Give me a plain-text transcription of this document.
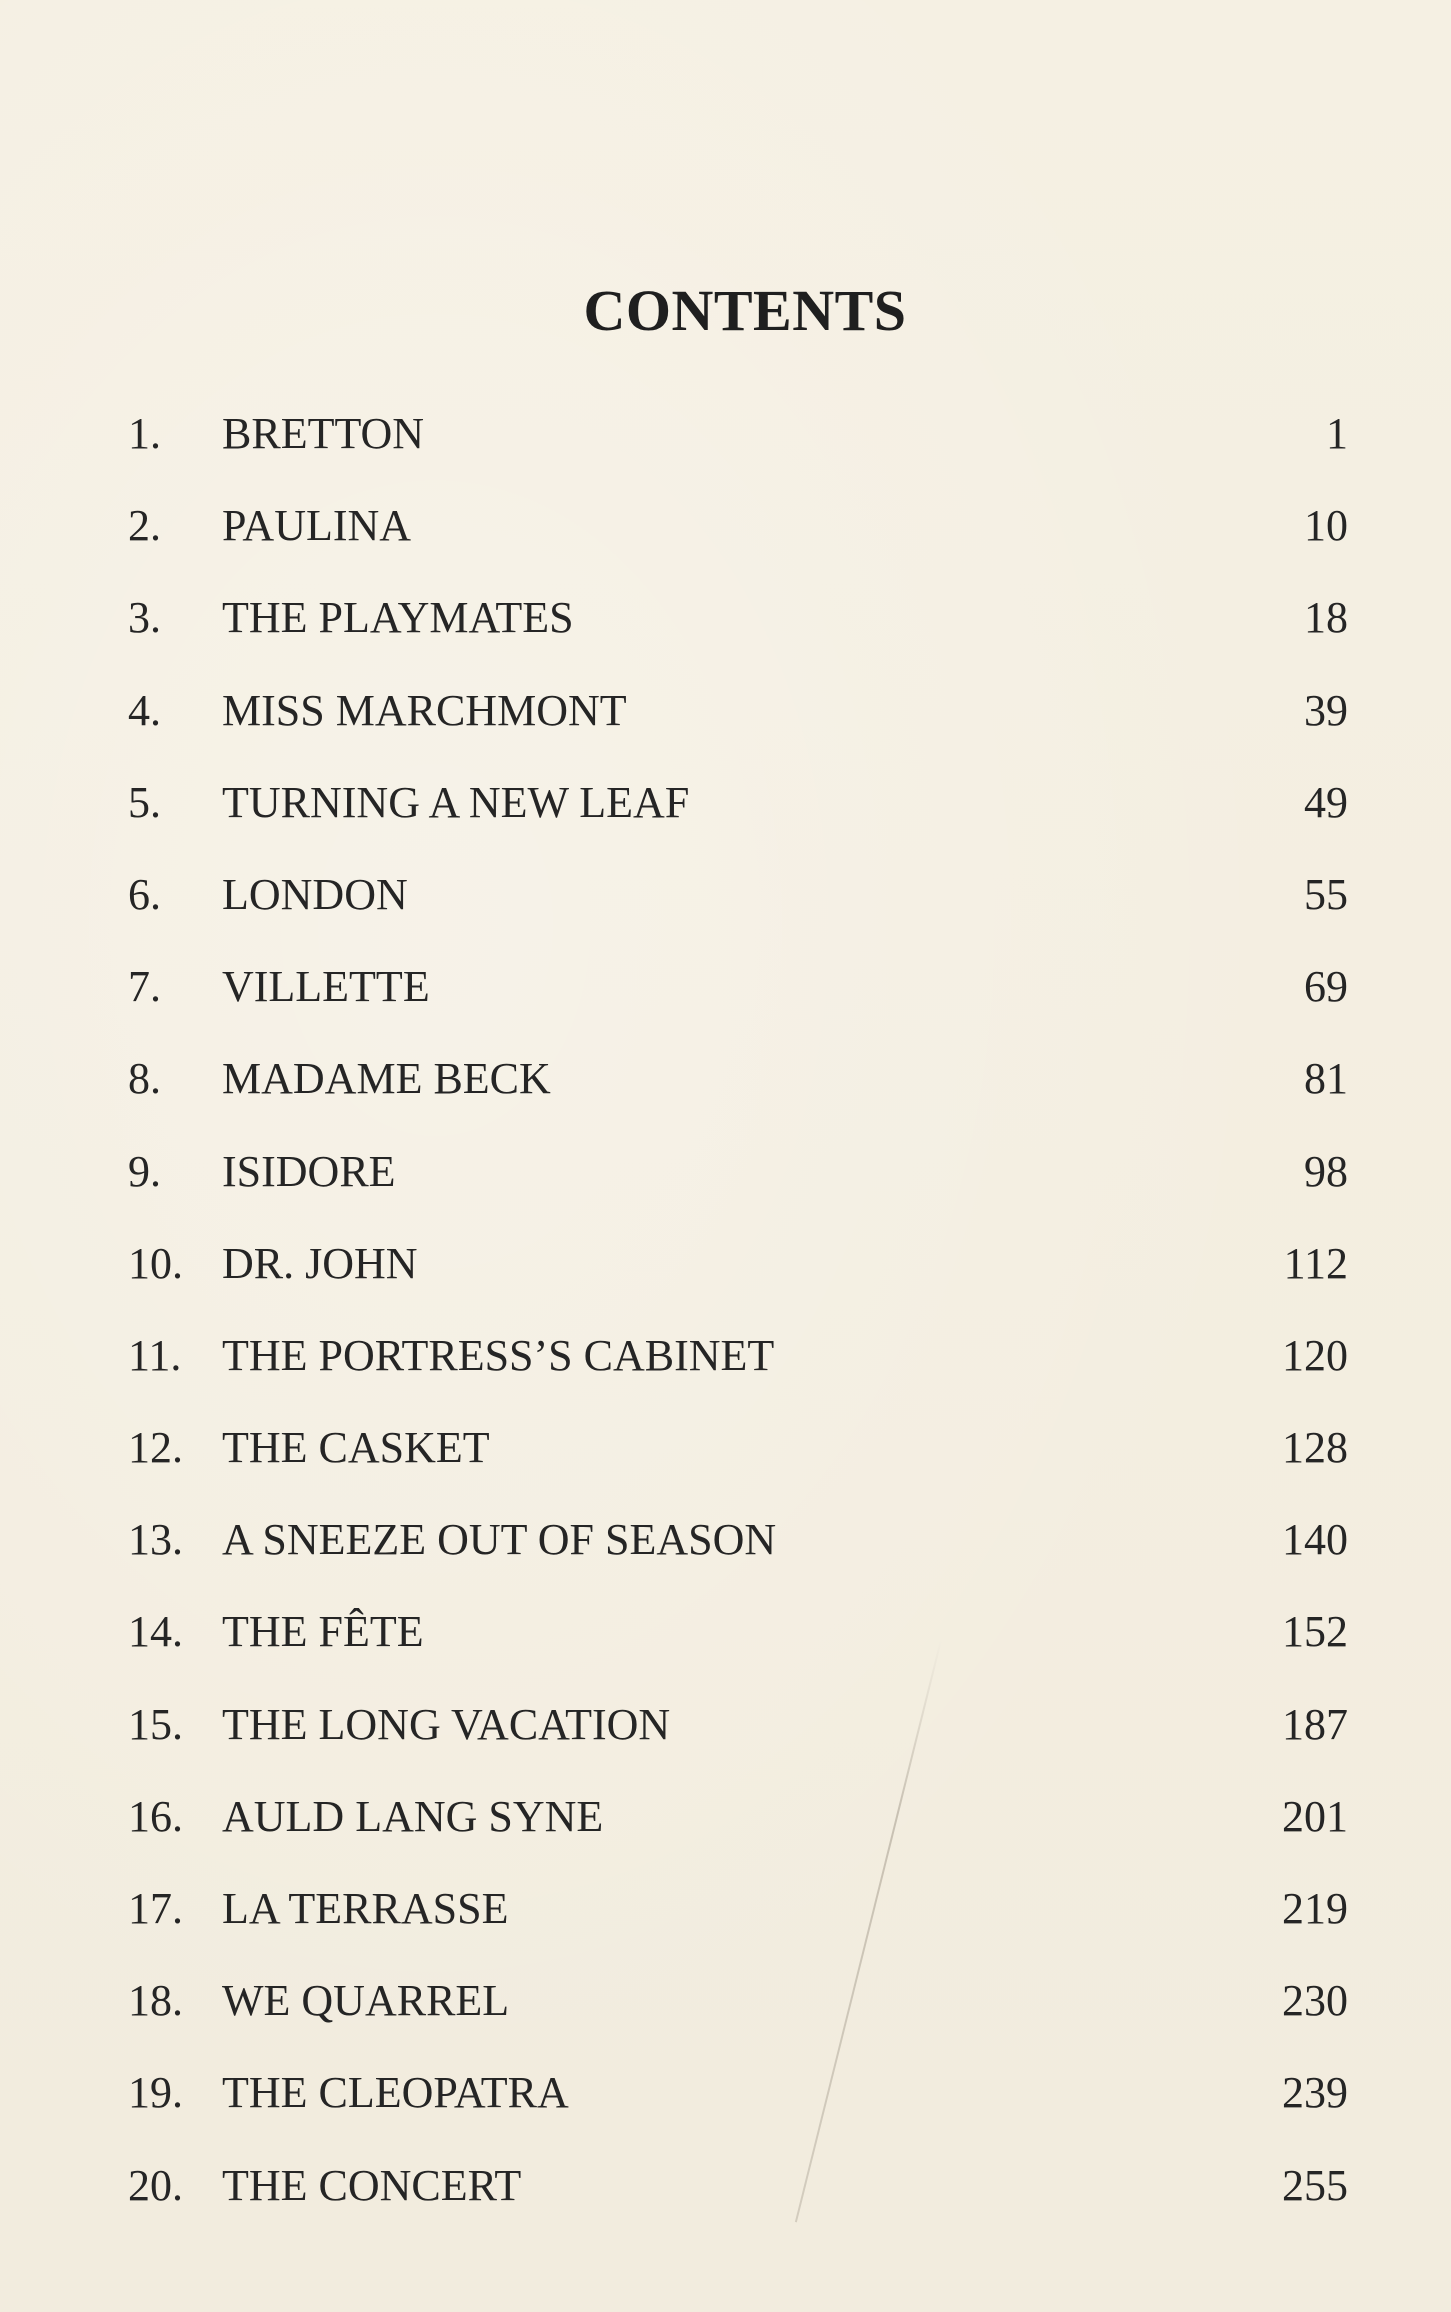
CONTENTS
1. BRETTON	1
2. PAULINA	10
3. THE PLAYMATES	18
4. MISS MARCHMONT	39
5. TURNING A NEW LEAF	49
6. LONDON	55
7. VILLETTE	69
8. MADAME BECK	81
9. ISIDORE	98
10. DR. JOHN	112
11. THE PORTRESS’S CABINET	120
12. THE CASKET	128
13. A SNEEZE OUT OF SEASON	140
14. THE FÊTE	152
15. THE LONG VACATION	187
16. AULD LANG SYNE	201
17. LA TERRASSE	219
18. WE QUARREL	230
19. THE CLEOPATRA	239
20. THE CONCERT	255
